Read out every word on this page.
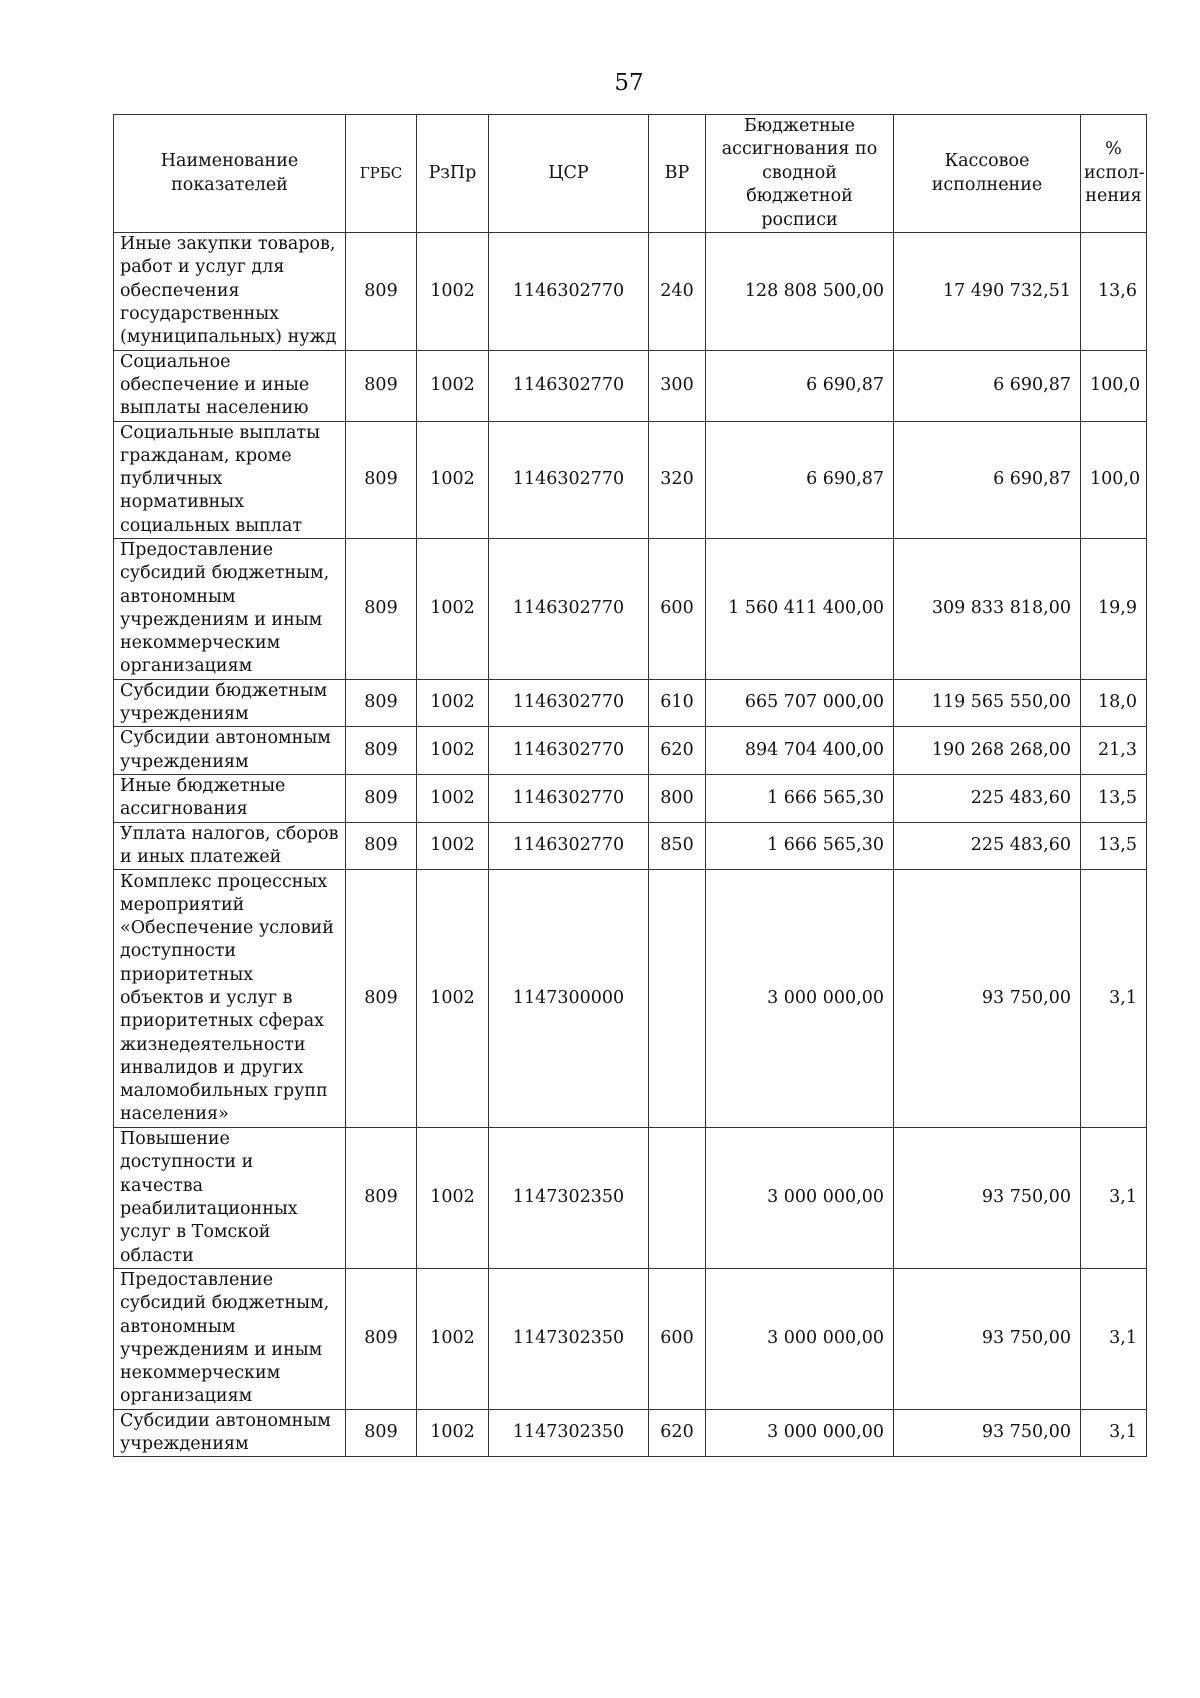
57
Наименование показателей	ГРБС	РзПр	ЦСР	ВР	Бюджетные ассигнования по сводной бюджетной росписи	Кассовое исполнение	% испол-нения
Иные закупки товаров, работ и услуг для обеспечения государственных (муниципальных) нужд	809	1002	1146302770	240	128 808 500,00	17 490 732,51	13,6
Социальное обеспечение и иные выплаты населению	809	1002	1146302770	300	6 690,87	6 690,87	100,0
Социальные выплаты гражданам, кроме публичных нормативных социальных выплат	809	1002	1146302770	320	6 690,87	6 690,87	100,0
Предоставление субсидий бюджетным, автономным учреждениям и иным некоммерческим организациям	809	1002	1146302770	600	1 560 411 400,00	309 833 818,00	19,9
Субсидии бюджетным учреждениям	809	1002	1146302770	610	665 707 000,00	119 565 550,00	18,0
Субсидии автономным учреждениям	809	1002	1146302770	620	894 704 400,00	190 268 268,00	21,3
Иные бюджетные ассигнования	809	1002	1146302770	800	1 666 565,30	225 483,60	13,5
Уплата налогов, сборов и иных платежей	809	1002	1146302770	850	1 666 565,30	225 483,60	13,5
Комплекс процессных мероприятий «Обеспечение условий доступности приоритетных объектов и услуг в приоритетных сферах жизнедеятельности инвалидов и других маломобильных групп населения»	809	1002	1147300000		3 000 000,00	93 750,00	3,1
Повышение доступности и качества реабилитационных услуг в Томской области	809	1002	1147302350		3 000 000,00	93 750,00	3,1
Предоставление субсидий бюджетным, автономным учреждениям и иным некоммерческим организациям	809	1002	1147302350	600	3 000 000,00	93 750,00	3,1
Субсидии автономным учреждениям	809	1002	1147302350	620	3 000 000,00	93 750,00	3,1
